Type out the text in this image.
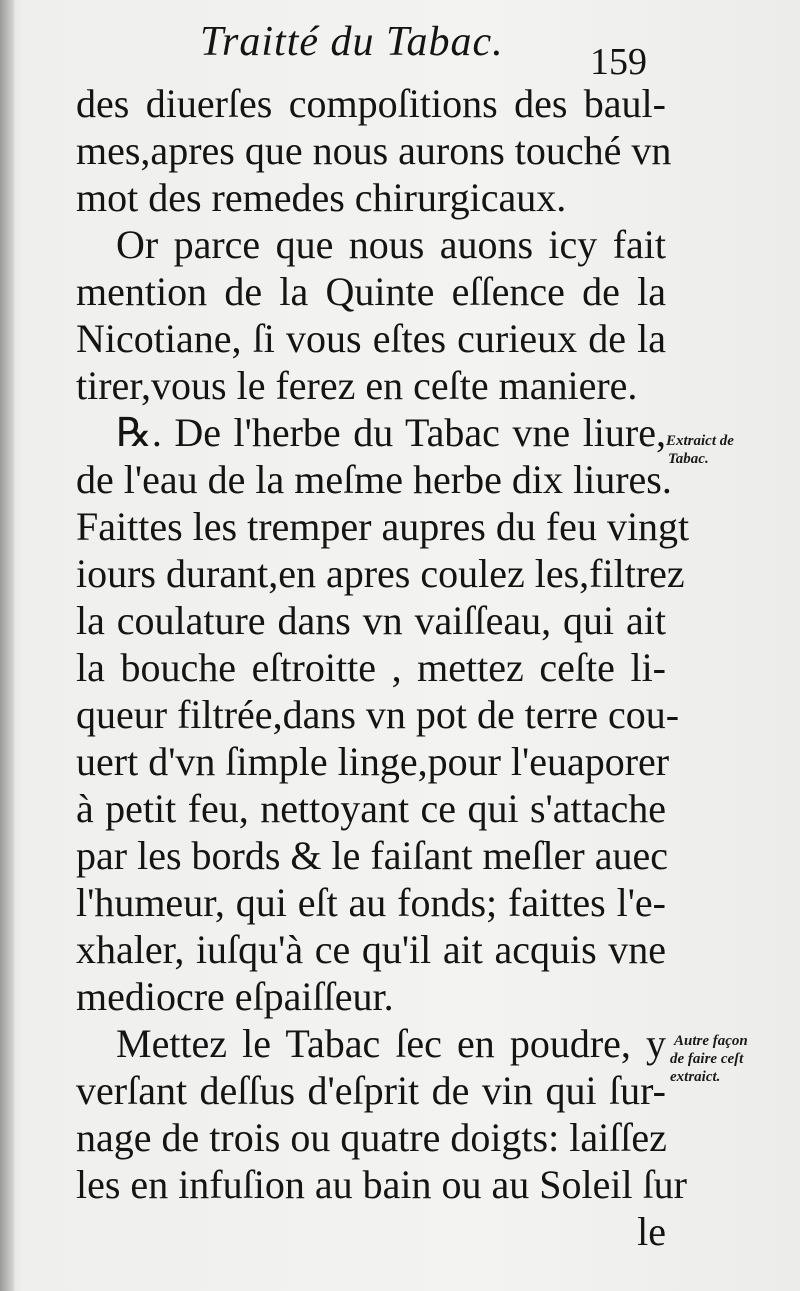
Traitté du Tabac. 159
des diuerſes compoſitions des baul-
mes,apres que nous aurons touché vn
mot des remedes chirurgicaux.
Or parce que nous auons icy fait
mention de la Quinte eſſence de la
Nicotiane, ſi vous eſtes curieux de la
tirer,vous le ferez en ceſte maniere.
℞. De l'herbe du Tabac vne liure,
de l'eau de la meſme herbe dix liures.
Faittes les tremper aupres du feu vingt
iours durant,en apres coulez les,filtrez
la coulature dans vn vaiſſeau, qui ait
la bouche eſtroitte , mettez ceſte li-
queur filtrée,dans vn pot de terre cou-
uert d'vn ſimple linge,pour l'euaporer
à petit feu, nettoyant ce qui s'attache
par les bords & le faiſant meſler auec
l'humeur, qui eſt au fonds; faittes l'e-
xhaler, iuſqu'à ce qu'il ait acquis vne
mediocre eſpaiſſeur.
Mettez le Tabac ſec en poudre, y
verſant deſſus d'eſprit de vin qui ſur-
nage de trois ou quatre doigts: laiſſez
les en infuſion au bain ou au Soleil ſur
le
Extraict de
Tabac.
Autre façon
de faire ceſt
extraict.
